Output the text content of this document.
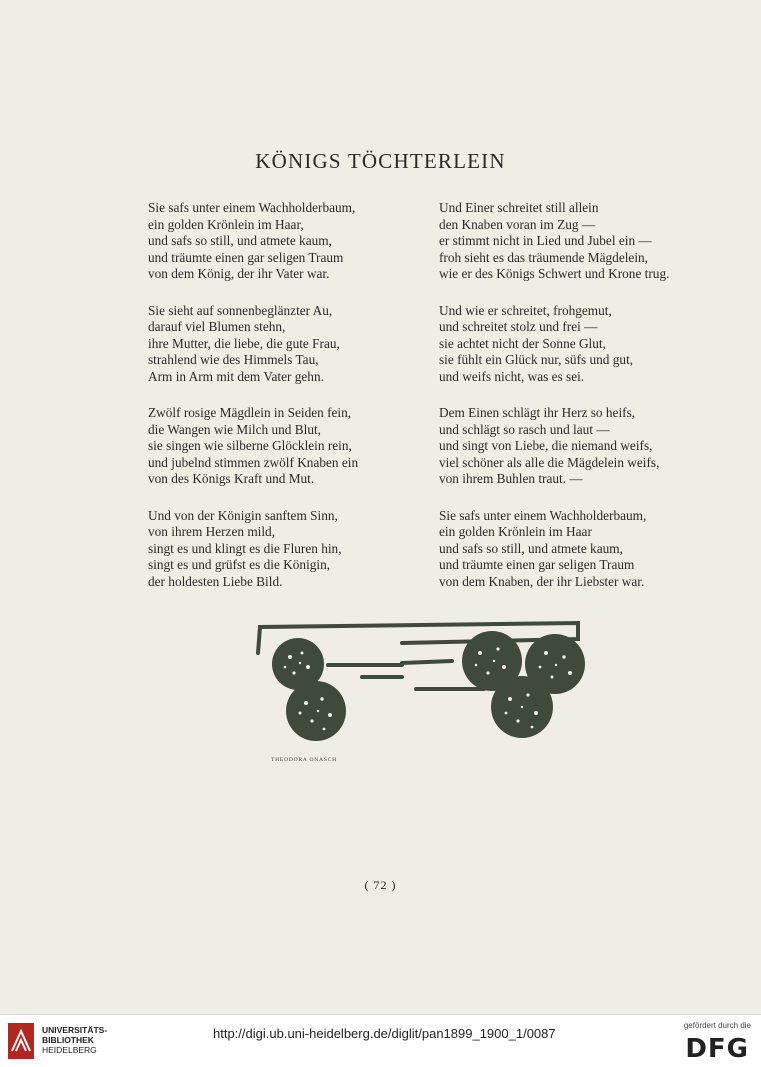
KÖNIGS TÖCHTERLEIN
Sie safs unter einem Wachholderbaum,
ein golden Krönlein im Haar,
und safs so still, und atmete kaum,
und träumte einen gar seligen Traum
von dem König, der ihr Vater war.
Sie sieht auf sonnenbeglänzter Au,
darauf viel Blumen stehn,
ihre Mutter, die liebe, die gute Frau,
strahlend wie des Himmels Tau,
Arm in Arm mit dem Vater gehn.
Zwölf rosige Mägdlein in Seiden fein,
die Wangen wie Milch und Blut,
sie singen wie silberne Glöcklein rein,
und jubelnd stimmen zwölf Knaben ein
von des Königs Kraft und Mut.
Und von der Königin sanftem Sinn,
von ihrem Herzen mild,
singt es und klingt es die Fluren hin,
singt es und grüfst es die Königin,
der holdesten Liebe Bild.
Und Einer schreitet still allein
den Knaben voran im Zug —
er stimmt nicht in Lied und Jubel ein —
froh sieht es das träumende Mägdelein,
wie er des Königs Schwert und Krone trug.
Und wie er schreitet, frohgemut,
und schreitet stolz und frei —
sie achtet nicht der Sonne Glut,
sie fühlt ein Glück nur, süfs und gut,
und weifs nicht, was es sei.
Dem Einen schlägt ihr Herz so heifs,
und schlägt so rasch und laut —
und singt von Liebe, die niemand weifs,
viel schöner als alle die Mägdelein weifs,
von ihrem Buhlen traut. —
Sie safs unter einem Wachholderbaum,
ein golden Krönlein im Haar
und safs so still, und atmete kaum,
und träumte einen gar seligen Traum
von dem Knaben, der ihr Liebster war.
THEODORA ONASCH
( 72 )
UNIVERSITÄTS-
BIBLIOTHEK
HEIDELBERG
http://digi.ub.uni-heidelberg.de/diglit/pan1899_1900_1/0087
gefördert durch die
DFG
